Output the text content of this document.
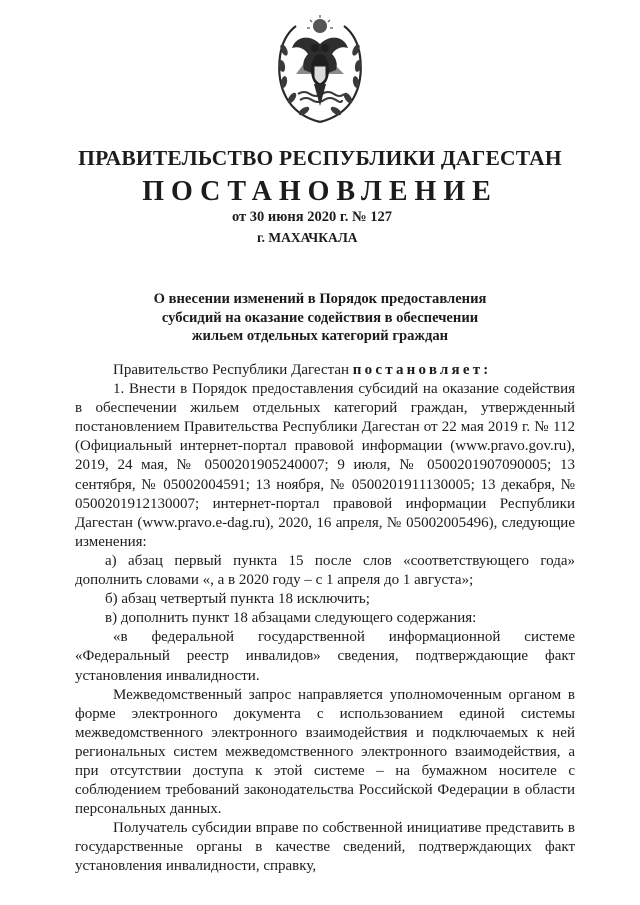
ПРАВИТЕЛЬСТВО РЕСПУБЛИКИ ДАГЕСТАН
ПОСТАНОВЛЕНИЕ
от 30 июня 2020 г. № 127
г. МАХАЧКАЛА
О внесении изменений в Порядок предоставления
субсидий на оказание содействия в обеспечении
жильем отдельных категорий граждан

Правительство Республики Дагестан постановляет:

1. Внести в Порядок предоставления субсидий на оказание содействия в обеспечении жильем отдельных категорий граждан, утвержденный постановлением Правительства Республики Дагестан от 22 мая 2019 г. № 112 (Официальный интернет-портал правовой информации (www.pravo.gov.ru), 2019, 24 мая, № 0500201905240007; 9 июля, № 0500201907090005; 13 сентября, № 05002004591; 13 ноября, № 0500201911130005; 13 декабря, № 0500201912130007; интернет-портал правовой информации Республики Дагестан (www.pravo.e-dag.ru), 2020, 16 апреля, № 05002005496), следующие изменения:

а) абзац первый пункта 15 после слов «соответствующего года» дополнить словами «, а в 2020 году – с 1 апреля до 1 августа»;

б) абзац четвертый пункта 18 исключить;

в) дополнить пункт 18 абзацами следующего содержания:

«в федеральной государственной информационной системе «Федеральный реестр инвалидов» сведения, подтверждающие факт установления инвалидности.

Межведомственный запрос направляется уполномоченным органом в форме электронного документа с использованием единой системы межведомственного электронного взаимодействия и подключаемых к ней региональных систем межведомственного электронного взаимодействия, а при отсутствии доступа к этой системе – на бумажном носителе с соблюдением требований законодательства Российской Федерации в области персональных данных.

Получатель субсидии вправе по собственной инициативе представить в государственные органы в качестве сведений, подтверждающих факт установления инвалидности, справку,
